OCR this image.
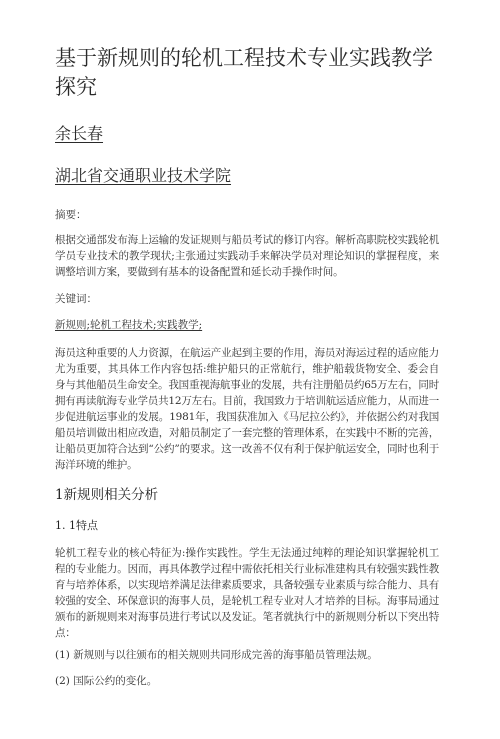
基于新规则的轮机工程技术专业实践教学探究
余长春
湖北省交通职业技术学院
摘要：
根据交通部发布海上运输的发证规则与船员考试的修订内容。解析高职院校实践轮机学员专业技术的教学现状;主张通过实践动手来解决学员对理论知识的掌握程度，来调整培训方案，要做到有基本的设备配置和延长动手操作时间。
关键词：
新规则;轮机工程技术;实践教学;
海员这种重要的人力资源，在航运产业起到主要的作用，海员对海运过程的适应能力尤为重要，其具体工作内容包括:维护船只的正常航行，维护船载货物安全、委会自身与其他船员生命安全。我国重视海航事业的发展，共有注册船员约65万左右，同时拥有再读航海专业学员共12万左右。目前，我国致力于培训航运适应能力，从而进一步促进航运事业的发展。1981年，我国获准加入《马尼拉公约》，并依据公约对我国船员培训做出相应改造，对船员制定了一套完整的管理体系，在实践中不断的完善，让船员更加符合达到“公约”的要求。这一改善不仅有利于保护航运安全，同时也利于海洋环境的维护。
1新规则相关分析
1. 1特点
轮机工程专业的核心特征为:操作实践性。学生无法通过纯粹的理论知识掌握轮机工程的专业能力。因而，再具体教学过程中需依托相关行业标准建构具有较强实践性教育与培养体系，以实现培养满足法律素质要求，具备较强专业素质与综合能力、具有较强的安全、环保意识的海事人员，是轮机工程专业对人才培养的目标。海事局通过颁布的新规则来对海事员进行考试以及发证。笔者就执行中的新规则分析以下突出特点：
(1) 新规则与以往颁布的相关规则共同形成完善的海事船员管理法规。
(2) 国际公约的变化。
